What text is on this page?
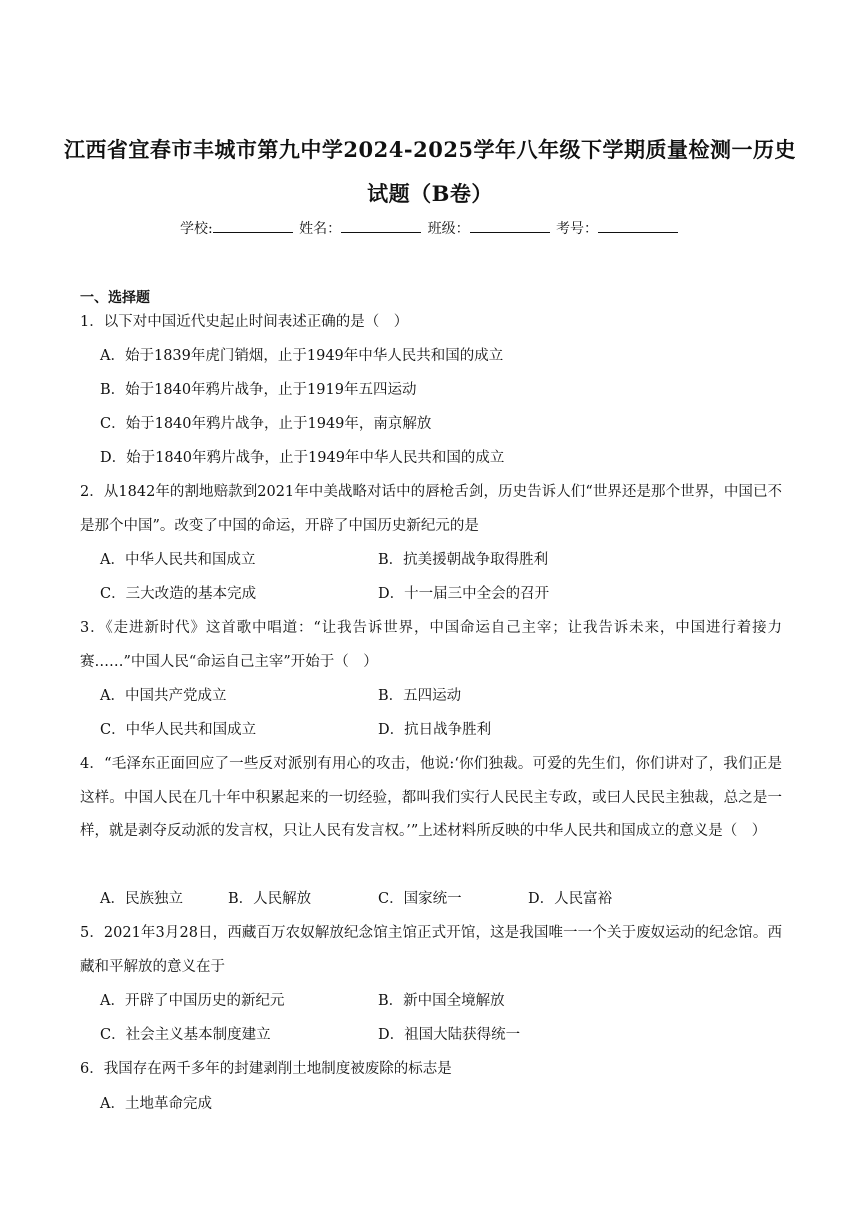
江西省宜春市丰城市第九中学2024-2025学年八年级下学期质量检测一历史试题（B卷）
学校:	姓名：	班级：	考号：
一、选择题
1．以下对中国近代史起止时间表述正确的是（　）
A．始于1839年虎门销烟，止于1949年中华人民共和国的成立
B．始于1840年鸦片战争，止于1919年五四运动
C．始于1840年鸦片战争，止于1949年，南京解放
D．始于1840年鸦片战争，止于1949年中华人民共和国的成立
2．从1842年的割地赔款到2021年中美战略对话中的唇枪舌剑，历史告诉人们“世界还是那个世界，中国已不是那个中国”。改变了中国的命运，开辟了中国历史新纪元的是
A．中华人民共和国成立	B．抗美援朝战争取得胜利
C．三大改造的基本完成	D．十一届三中全会的召开
3．《走进新时代》这首歌中唱道：“让我告诉世界，中国命运自己主宰；让我告诉未来，中国进行着接力赛……”中国人民“命运自己主宰”开始于（　）
A．中国共产党成立	B．五四运动
C．中华人民共和国成立	D．抗日战争胜利
4．“毛泽东正面回应了一些反对派别有用心的攻击，他说:‘你们独裁。可爱的先生们，你们讲对了，我们正是这样。中国人民在几十年中积累起来的一切经验，都叫我们实行人民民主专政，或曰人民民主独裁，总之是一样，就是剥夺反动派的发言权，只让人民有发言权。’”上述材料所反映的中华人民共和国成立的意义是（　）
A．民族独立	B．人民解放	C．国家统一	D．人民富裕
5．2021年3月28日，西藏百万农奴解放纪念馆主馆正式开馆，这是我国唯一一个关于废奴运动的纪念馆。西藏和平解放的意义在于
A．开辟了中国历史的新纪元	B．新中国全境解放
C．社会主义基本制度建立	D．祖国大陆获得统一
6．我国存在两千多年的封建剥削土地制度被废除的标志是
A．土地革命完成
